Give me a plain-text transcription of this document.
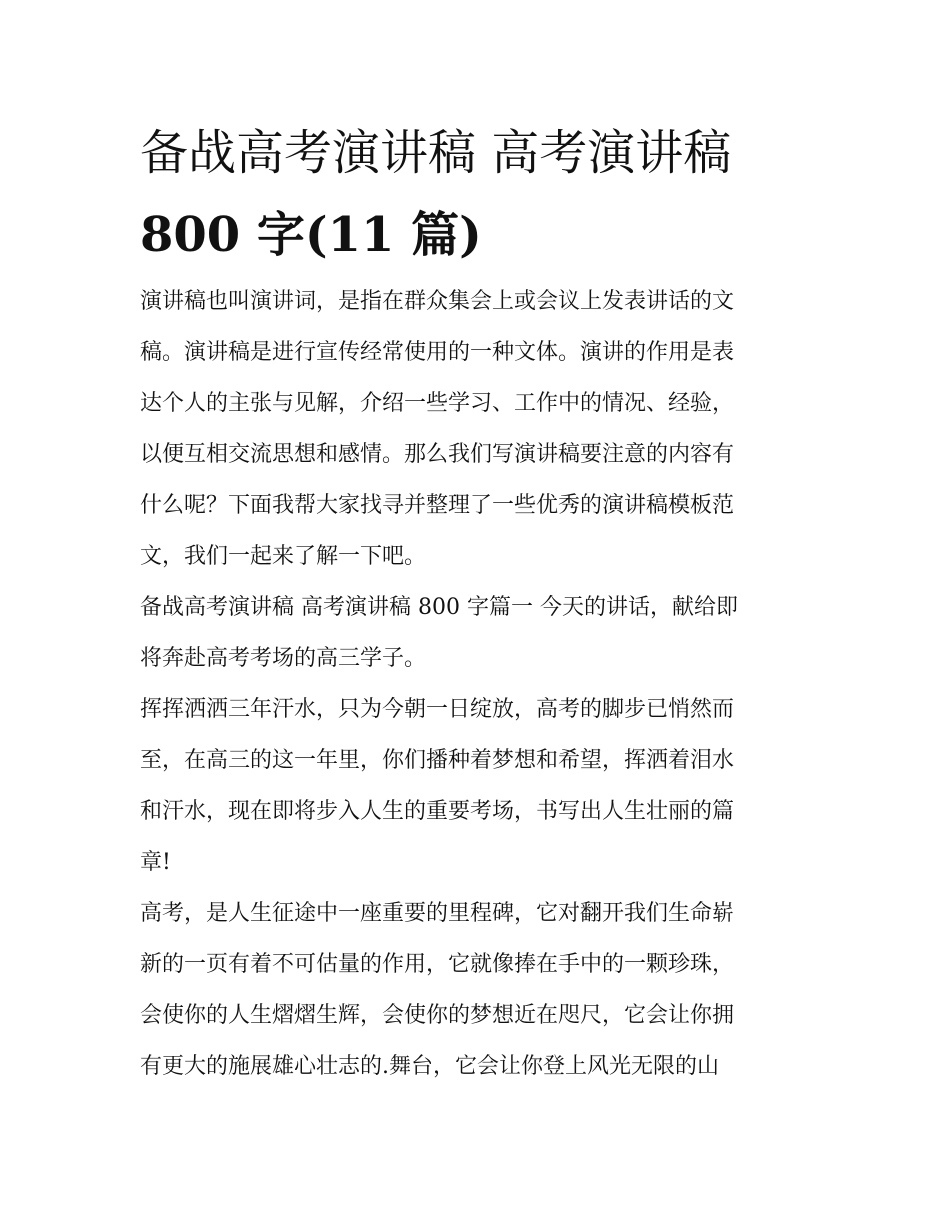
备战高考演讲稿 高考演讲稿
800 字(11 篇)

演讲稿也叫演讲词，是指在群众集会上或会议上发表讲话的文
稿。演讲稿是进行宣传经常使用的一种文体。演讲的作用是表
达个人的主张与见解，介绍一些学习、工作中的情况、经验，
以便互相交流思想和感情。那么我们写演讲稿要注意的内容有
什么呢？下面我帮大家找寻并整理了一些优秀的演讲稿模板范
文，我们一起来了解一下吧。

备战高考演讲稿 高考演讲稿 800 字篇一 今天的讲话，献给即
将奔赴高考考场的高三学子。

挥挥洒洒三年汗水，只为今朝一日绽放，高考的脚步已悄然而
至，在高三的这一年里，你们播种着梦想和希望，挥洒着泪水
和汗水，现在即将步入人生的重要考场，书写出人生壮丽的篇
章!

高考，是人生征途中一座重要的里程碑，它对翻开我们生命崭
新的一页有着不可估量的作用，它就像捧在手中的一颗珍珠，
会使你的人生熠熠生辉，会使你的梦想近在咫尺，它会让你拥
有更大的施展雄心壮志的.舞台，它会让你登上风光无限的山
